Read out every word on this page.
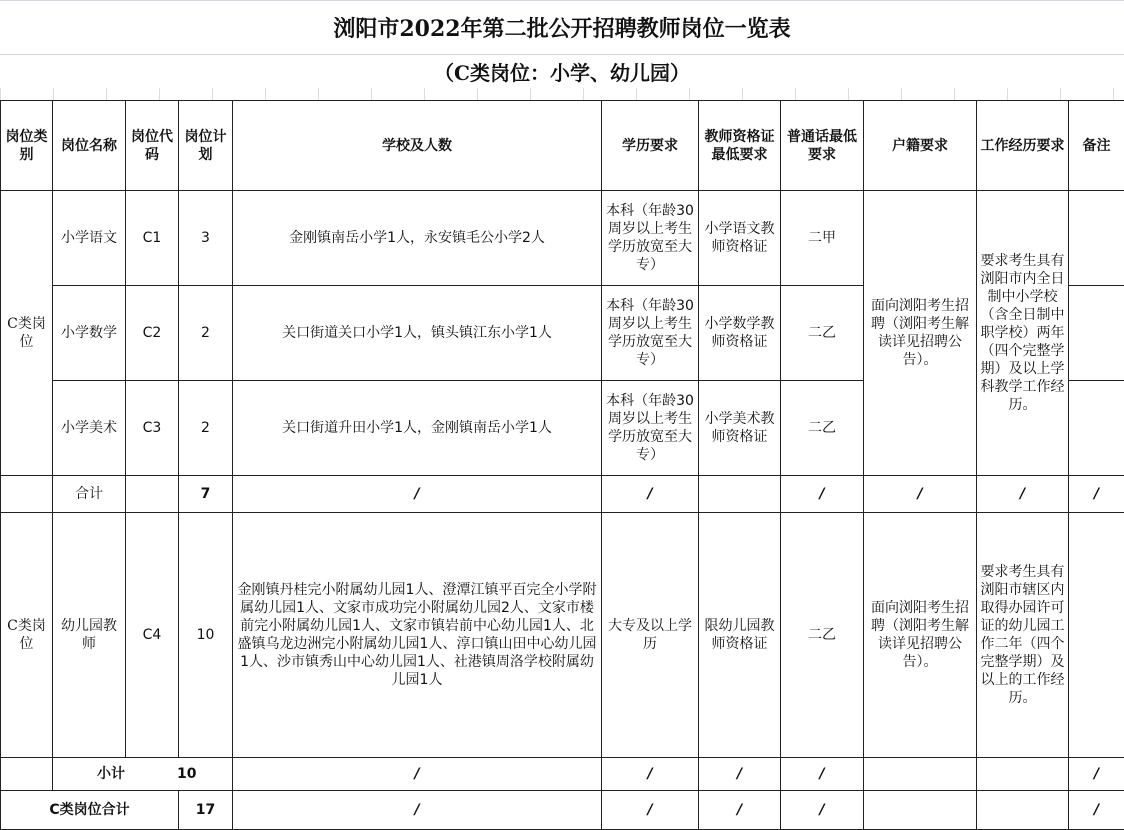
浏阳市2022年第二批公开招聘教师岗位一览表
（C类岗位：小学、幼儿园）
岗位类别	岗位名称	岗位代码	岗位计划	学校及人数	学历要求	教师资格证最低要求	普通话最低要求	户籍要求	工作经历要求	备注
C类岗位	小学语文	C1	3	金刚镇南岳小学1人，永安镇毛公小学2人	本科（年龄30周岁以上考生学历放宽至大专）	小学语文教师资格证	二甲	面向浏阳考生招聘（浏阳考生解读详见招聘公告）。	要求考生具有浏阳市内全日制中小学校（含全日制中职学校）两年（四个完整学期）及以上学科教学工作经历。	
	小学数学	C2	2	关口街道关口小学1人，镇头镇江东小学1人	本科（年龄30周岁以上考生学历放宽至大专）	小学数学教师资格证	二乙			
	小学美术	C3	2	关口街道升田小学1人，金刚镇南岳小学1人	本科（年龄30周岁以上考生学历放宽至大专）	小学美术教师资格证	二乙			
	合计		7	/	/		/	/	/	/
C类岗位	幼儿园教师	C4	10	金刚镇丹桂完小附属幼儿园1人、澄潭江镇平百完全小学附属幼儿园1人、文家市成功完小附属幼儿园2人、文家市楼前完小附属幼儿园1人、文家市镇岩前中心幼儿园1人、北盛镇乌龙边洲完小附属幼儿园1人、淳口镇山田中心幼儿园1人、沙市镇秀山中心幼儿园1人、社港镇周洛学校附属幼儿园1人	大专及以上学历	限幼儿园教师资格证	二乙	面向浏阳考生招聘（浏阳考生解读详见招聘公告）。	要求考生具有浏阳市辖区内取得办园许可证的幼儿园工作二年（四个完整学期）及以上的工作经历。	
	小计 10			/	/	/	/			/
C类岗位合计			17	/	/	/	/			/
